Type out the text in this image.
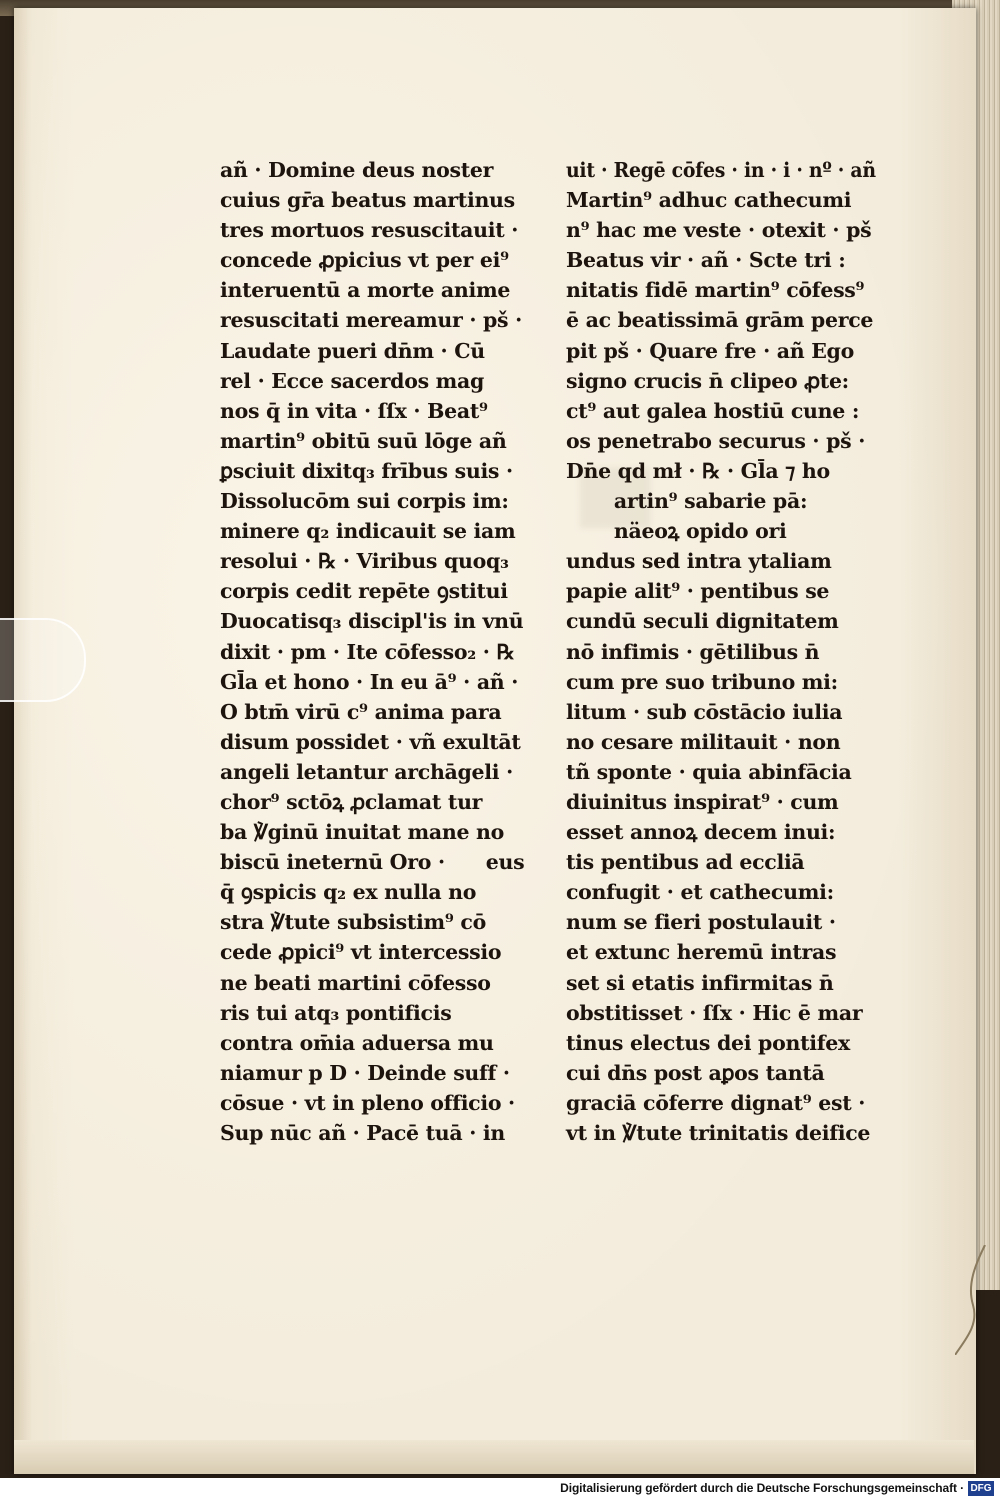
añ · Domine deus noster
cuius gr̄a beatus martinus
tres mortuos resuscitauit ·
concede ꝓpicius vt per ei⁹
interuentū a morte anime
resuscitati mereamur · pš ·
Laudate pueri dn̄m · Cū
rel · Ecce sacerdos mag
nos q̄ in vita · ſſx · Beat⁹
martin⁹ obitū suū lōge añ
ꝑsciuit dixitq₃ frībus suis ·
Dissolucōm sui corpis im:
minere q₂ indicauit se iam
resolui · ℞ · Viribus quoq₃
corpis cedit repēte ꝯstitui
Duocatisq₃ discipl'is in vnū
dixit · pm · Ite cōfesso₂ · ℞
Gl̄a et hono · In eu ā⁹ · añ ·
O btm̄ virū c⁹ anima para
disum possidet · vñ exultāt
angeli letantur archāgeli ·
chor⁹ sctōꝝ ꝓclamat tur
ba ℣ginū inuitat mane no
biscū ineternū Oro ·      eus
q̄ ꝯspicis q₂ ex nulla no
stra ℣tute subsistim⁹ cō
cede ꝓpici⁹ vt intercessio
ne beati martini cōfesso
ris tui atq₃ pontificis
contra om̄ia aduersa mu
niamur p D · Deinde suff ·
cōsue · vt in pleno officio ·
Sup nūc añ · Pacē tuā · in
uit · Regē cōfes · in · i · nº · añ
Martin⁹ adhuc cathecumi
n⁹ hac me veste · otexit · pš
Beatus vir · añ · Scte tri :
nitatis fidē martin⁹ cōfess⁹
ē ac beatissimā grām perce
pit pš · Quare fre · añ Ego
signo crucis n̄ clipeo ꝓte:
ct⁹ aut galea hostiū cune :
os penetrabo securus · pš ·
Dn̄e qd mł · ℞ · Gl̄a ⁊ ho
artin⁹ sabarie pā:
näeoꝝ opido ori
undus sed intra ytaliam
papie alit⁹ · pentibus se
cundū seculi dignitatem
nō infimis · gētilibus n̄
cum pre suo tribuno mi:
litum · sub cōstācio iulia
no cesare militauit · non
tñ sponte · quia abinfācia
diuinitus inspirat⁹ · cum
esset annoꝝ decem inui:
tis pentibus ad eccliā
confugit · et cathecumi:
num se fieri postulauit ·
et extunc heremū intras
set si etatis infirmitas n̄
obstitisset · ſſx · Hic ē mar
tinus electus dei pontifex
cui dn̄s post aꝑos tantā
graciā cōferre dignat⁹ est ·
vt in ℣tute trinitatis deifice
Digitalisierung gefördert durch die Deutsche Forschungsgemeinschaft · DFG
